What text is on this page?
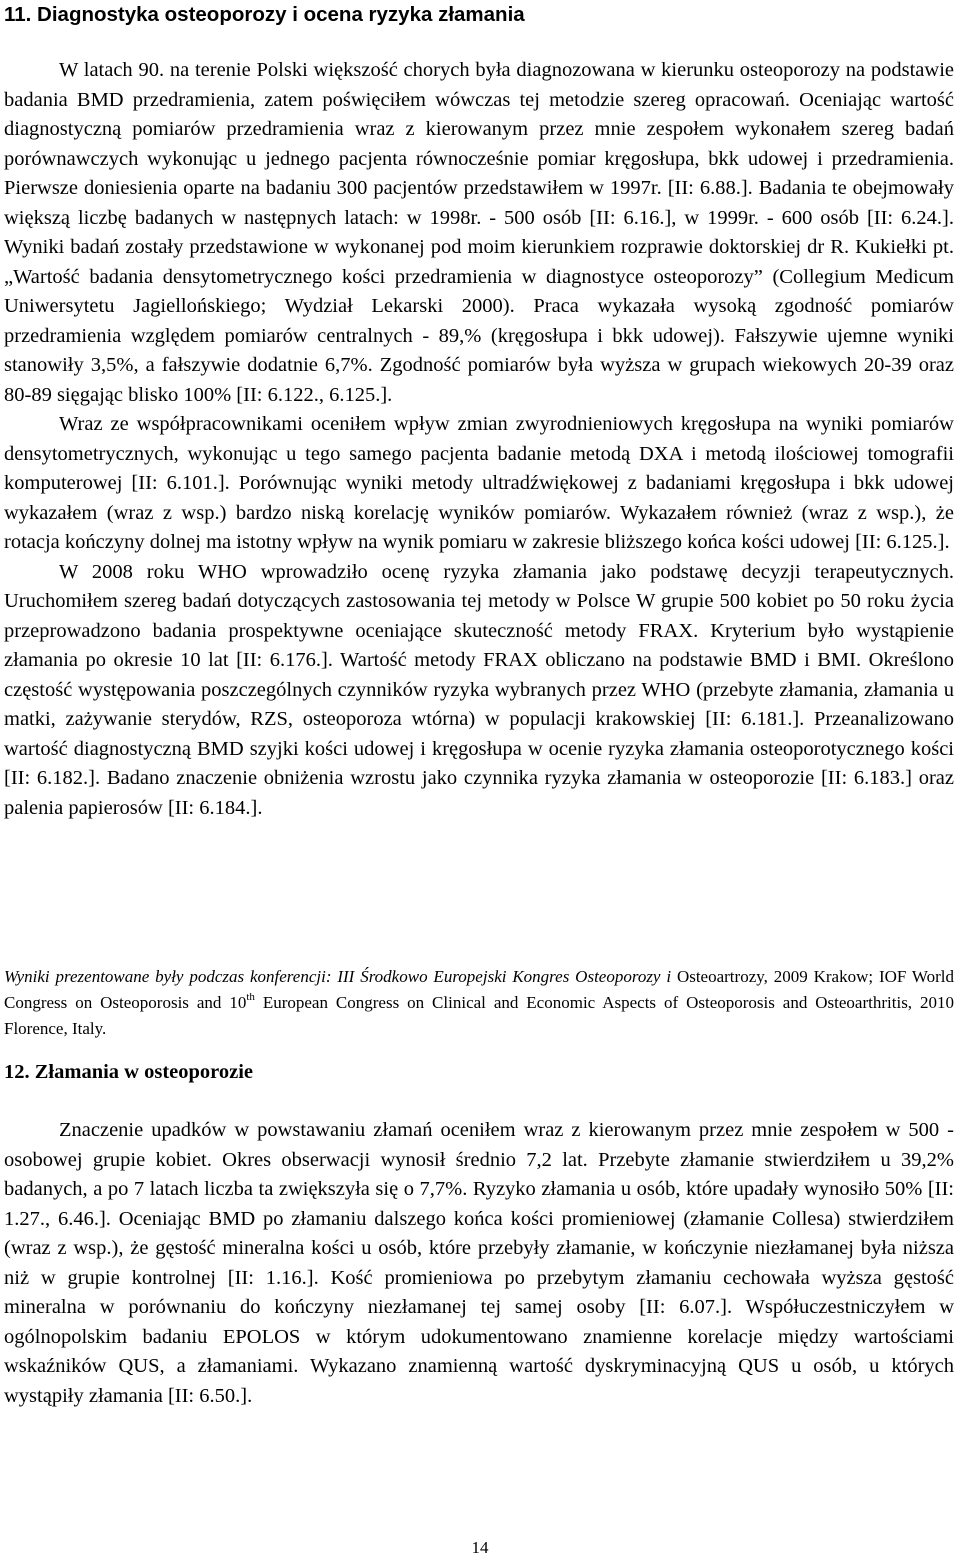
11. Diagnostyka osteoporozy i ocena ryzyka złamania

W latach 90. na terenie Polski większość chorych była diagnozowana w kierunku osteoporozy na podstawie badania BMD przedramienia, zatem poświęciłem wówczas tej metodzie szereg opracowań. Oceniając wartość diagnostyczną pomiarów przedramienia wraz z kierowanym przez mnie zespołem wykonałem szereg badań porównawczych wykonując u jednego pacjenta równocześnie pomiar kręgosłupa, bkk udowej i przedramienia. Pierwsze doniesienia oparte na badaniu 300 pacjentów przedstawiłem w 1997r. [II: 6.88.]. Badania te obejmowały większą liczbę badanych w następnych latach: w 1998r. - 500 osób [II: 6.16.], w 1999r. - 600 osób [II: 6.24.]. Wyniki badań zostały przedstawione w wykonanej pod moim kierunkiem rozprawie doktorskiej dr R. Kukiełki pt. „Wartość badania densytometrycznego kości przedramienia w diagnostyce osteoporozy” (Collegium Medicum Uniwersytetu Jagiellońskiego; Wydział Lekarski 2000). Praca wykazała wysoką zgodność pomiarów przedramienia względem pomiarów centralnych - 89,% (kręgosłupa i bkk udowej). Fałszywie ujemne wyniki stanowiły 3,5%, a fałszywie dodatnie 6,7%. Zgodność pomiarów była wyższa w grupach wiekowych 20-39 oraz 80-89 sięgając blisko 100% [II: 6.122., 6.125.].

Wraz ze współpracownikami oceniłem wpływ zmian zwyrodnieniowych kręgosłupa na wyniki pomiarów densytometrycznych, wykonując u tego samego pacjenta badanie metodą DXA i metodą ilościowej tomografii komputerowej [II: 6.101.]. Porównując wyniki metody ultradźwiękowej z badaniami kręgosłupa i bkk udowej wykazałem (wraz z wsp.) bardzo niską korelację wyników pomiarów. Wykazałem również (wraz z wsp.), że rotacja kończyny dolnej ma istotny wpływ na wynik pomiaru w zakresie bliższego końca kości udowej [II: 6.125.].

W 2008 roku WHO wprowadziło ocenę ryzyka złamania jako podstawę decyzji terapeutycznych. Uruchomiłem szereg badań dotyczących zastosowania tej metody w Polsce W grupie 500 kobiet po 50 roku życia przeprowadzono badania prospektywne oceniające skuteczność metody FRAX. Kryterium było wystąpienie złamania po okresie 10 lat [II: 6.176.]. Wartość metody FRAX obliczano na podstawie BMD i BMI. Określono częstość występowania poszczególnych czynników ryzyka wybranych przez WHO (przebyte złamania, złamania u matki, zażywanie sterydów, RZS, osteoporoza wtórna) w populacji krakowskiej [II: 6.181.]. Przeanalizowano wartość diagnostyczną BMD szyjki kości udowej i kręgosłupa w ocenie ryzyka złamania osteoporotycznego kości [II: 6.182.]. Badano znaczenie obniżenia wzrostu jako czynnika ryzyka złamania w osteoporozie [II: 6.183.] oraz palenia papierosów [II: 6.184.].

Wyniki prezentowane były podczas konferencji: III Środkowo Europejski Kongres Osteoporozy i Osteoartrozy, 2009 Krakow; IOF World Congress on Osteoporosis and 10th European Congress on Clinical and Economic Aspects of Osteoporosis and Osteoarthritis, 2010 Florence, Italy.

12. Złamania w osteoporozie

Znaczenie upadków w powstawaniu złamań oceniłem wraz z kierowanym przez mnie zespołem w 500 - osobowej grupie kobiet. Okres obserwacji wynosił średnio 7,2 lat. Przebyte złamanie stwierdziłem u 39,2% badanych, a po 7 latach liczba ta zwiększyła się o 7,7%. Ryzyko złamania u osób, które upadały wynosiło 50% [II: 1.27., 6.46.]. Oceniając BMD po złamaniu dalszego końca kości promieniowej (złamanie Collesa) stwierdziłem (wraz z wsp.), że gęstość mineralna kości u osób, które przebyły złamanie, w kończynie niezłamanej była niższa niż w grupie kontrolnej [II: 1.16.]. Kość promieniowa po przebytym złamaniu cechowała wyższa gęstość mineralna w porównaniu do kończyny niezłamanej tej samej osoby [II: 6.07.]. Współuczestniczyłem w ogólnopolskim badaniu EPOLOS w którym udokumentowano znamienne korelacje między wartościami wskaźników QUS, a złamaniami. Wykazano znamienną wartość dyskryminacyjną QUS u osób, u których wystąpiły złamania [II: 6.50.].

14
